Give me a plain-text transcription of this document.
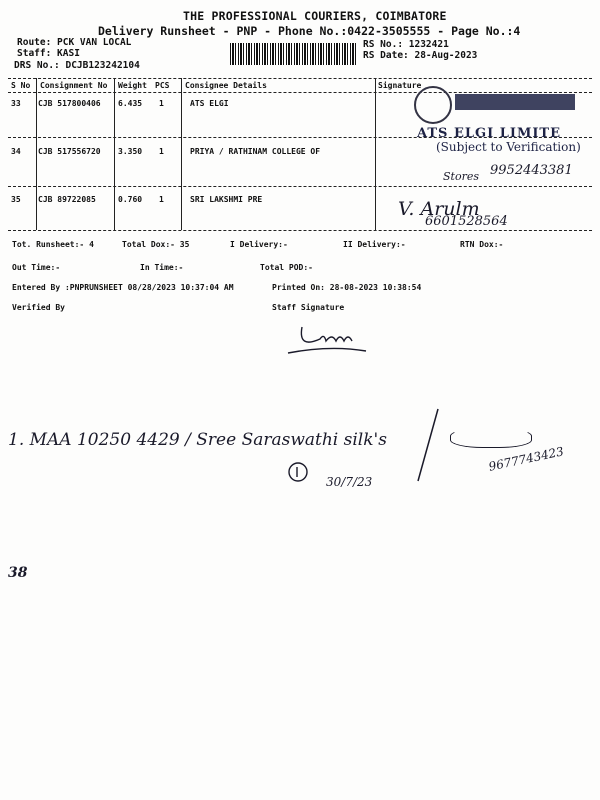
THE PROFESSIONAL COURIERS, COIMBATORE
Delivery Runsheet - PNP - Phone No.:0422-3505555 - Page No.:4
Route: PCK VAN LOCAL
Staff: KASI
DRS No.: DCJB123242104
RS No.: 1232421
RS Date: 28-Aug-2023
S No Consignment No Weight PCS Consignee Details	Signature
33 CJB 517800406 6.435 1	ATS ELGI
34 CJB 517556720 3.350 1	PRIYA / RATHINAM COLLEGE OF
35 CJB 89722085	0.760 1	SRI LAKSHMI PRE
ATS ELGI LIMITE
(Subject to Verification)
Stores 9952443381
V. Arulm
6601528564
Tot. Runsheet:- 4	Total Dox:- 35	I Delivery:-	II Delivery:-	RTN Dox:-
Out Time:-	In Time:-	Total POD:-
Entered By :PNPRUNSHEET 08/28/2023 10:37:04 AM	Printed On: 28-08-2023 10:38:54
Verified By	Staff Signature
1. MAA 10250 4429 / Sree Saraswathi silk's
9677743423
30/7/23
38
